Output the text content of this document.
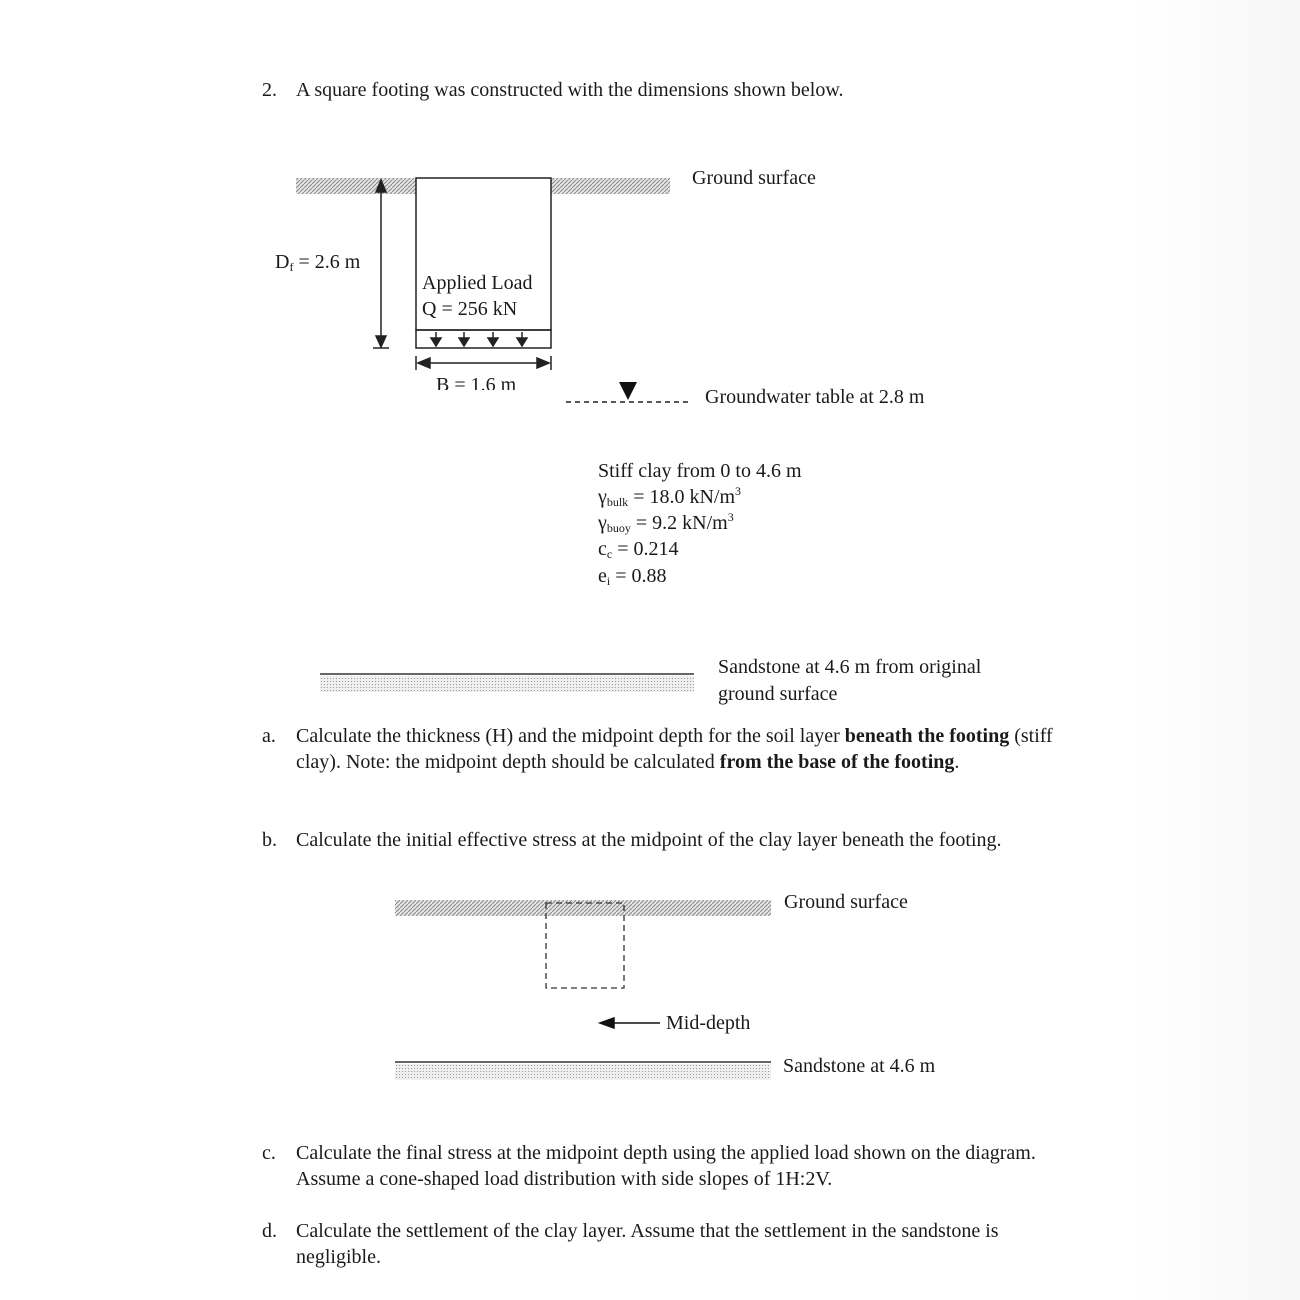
2. A square footing was constructed with the dimensions shown below.
Ground surface
$D_f = 2.6$ m
Applied Load
Q = 256 kN
B = 1.6 m
Groundwater table at 2.8 m
Stiff clay from 0 to 4.6 m
$\gamma_{bulk} = 18.0$ $kN/m^3$
$\gamma_{buoy} = 9.2$ $kN/m^3$
$c_c = 0.214$
$e_i = 0.88$
Sandstone at 4.6 m from original
ground surface
a. Calculate the thickness (H) and the midpoint depth for the soil layer beneath the footing (stiff clay). Note: the midpoint depth should be calculated from the base of the footing.
b. Calculate the initial effective stress at the midpoint of the clay layer beneath the footing.
Ground surface
Mid-depth
Sandstone at 4.6 m
c. Calculate the final stress at the midpoint depth using the applied load shown on the diagram. Assume a cone-shaped load distribution with side slopes of 1H:2V.
d. Calculate the settlement of the clay layer. Assume that the settlement in the sandstone is negligible.
